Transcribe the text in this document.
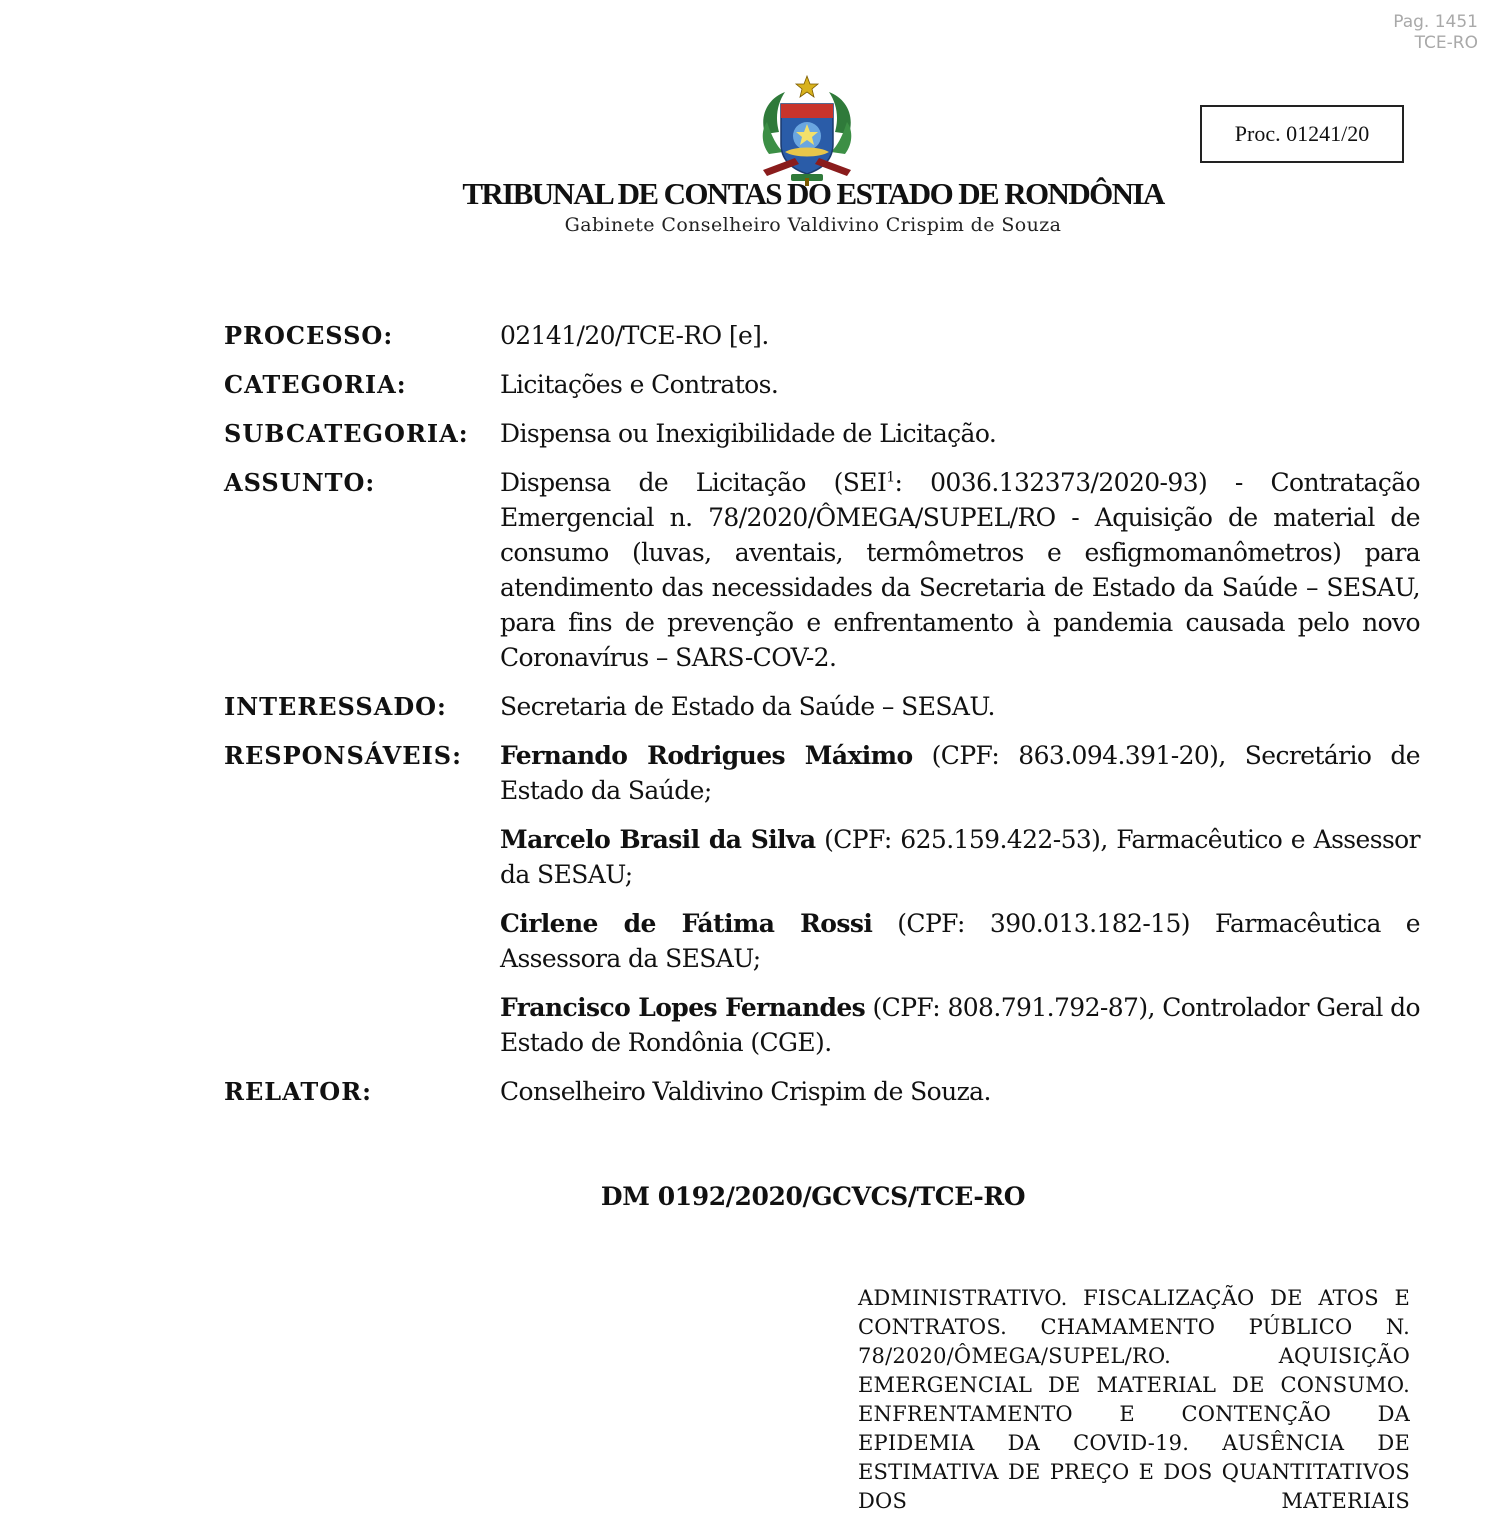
Pag. 1451
TCE-RO
Proc. 01241/20
TRIBUNAL DE CONTAS DO ESTADO DE RONDÔNIA
Gabinete Conselheiro Valdivino Crispim de Souza
PROCESSO:	02141/20/TCE-RO [e].
CATEGORIA:	Licitações e Contratos.
SUBCATEGORIA:	Dispensa ou Inexigibilidade de Licitação.
ASSUNTO:	Dispensa de Licitação (SEI$^1$: 0036.132373/2020-93) - Contratação Emergencial n. 78/2020/ÔMEGA/SUPEL/RO - Aquisição de material de consumo (luvas, aventais, termômetros e esfigmomanômetros) para atendimento das necessidades da Secretaria de Estado da Saúde – SESAU, para fins de prevenção e enfrentamento à pandemia causada pelo novo Coronavírus – SARS-COV-2.
INTERESSADO:	Secretaria de Estado da Saúde – SESAU.
RESPONSÁVEIS:	Fernando Rodrigues Máximo (CPF: 863.094.391-20), Secretário de Estado da Saúde;

Marcelo Brasil da Silva (CPF: 625.159.422-53), Farmacêutico e Assessor da SESAU;

Cirlene de Fátima Rossi (CPF: 390.013.182-15) Farmacêutica e Assessora da SESAU;

Francisco Lopes Fernandes (CPF: 808.791.792-87), Controlador Geral do Estado de Rondônia (CGE).

RELATOR:	Conselheiro Valdivino Crispim de Souza.
DM 0192/2020/GCVCS/TCE-RO
ADMINISTRATIVO. FISCALIZAÇÃO DE ATOS E CONTRATOS. CHAMAMENTO PÚBLICO N. 78/2020/ÔMEGA/SUPEL/RO. AQUISIÇÃO EMERGENCIAL DE MATERIAL DE CONSUMO. ENFRENTAMENTO E CONTENÇÃO DA EPIDEMIA DA COVID-19. AUSÊNCIA DE ESTIMATIVA DE PREÇO E DOS QUANTITATIVOS DOS MATERIAIS
